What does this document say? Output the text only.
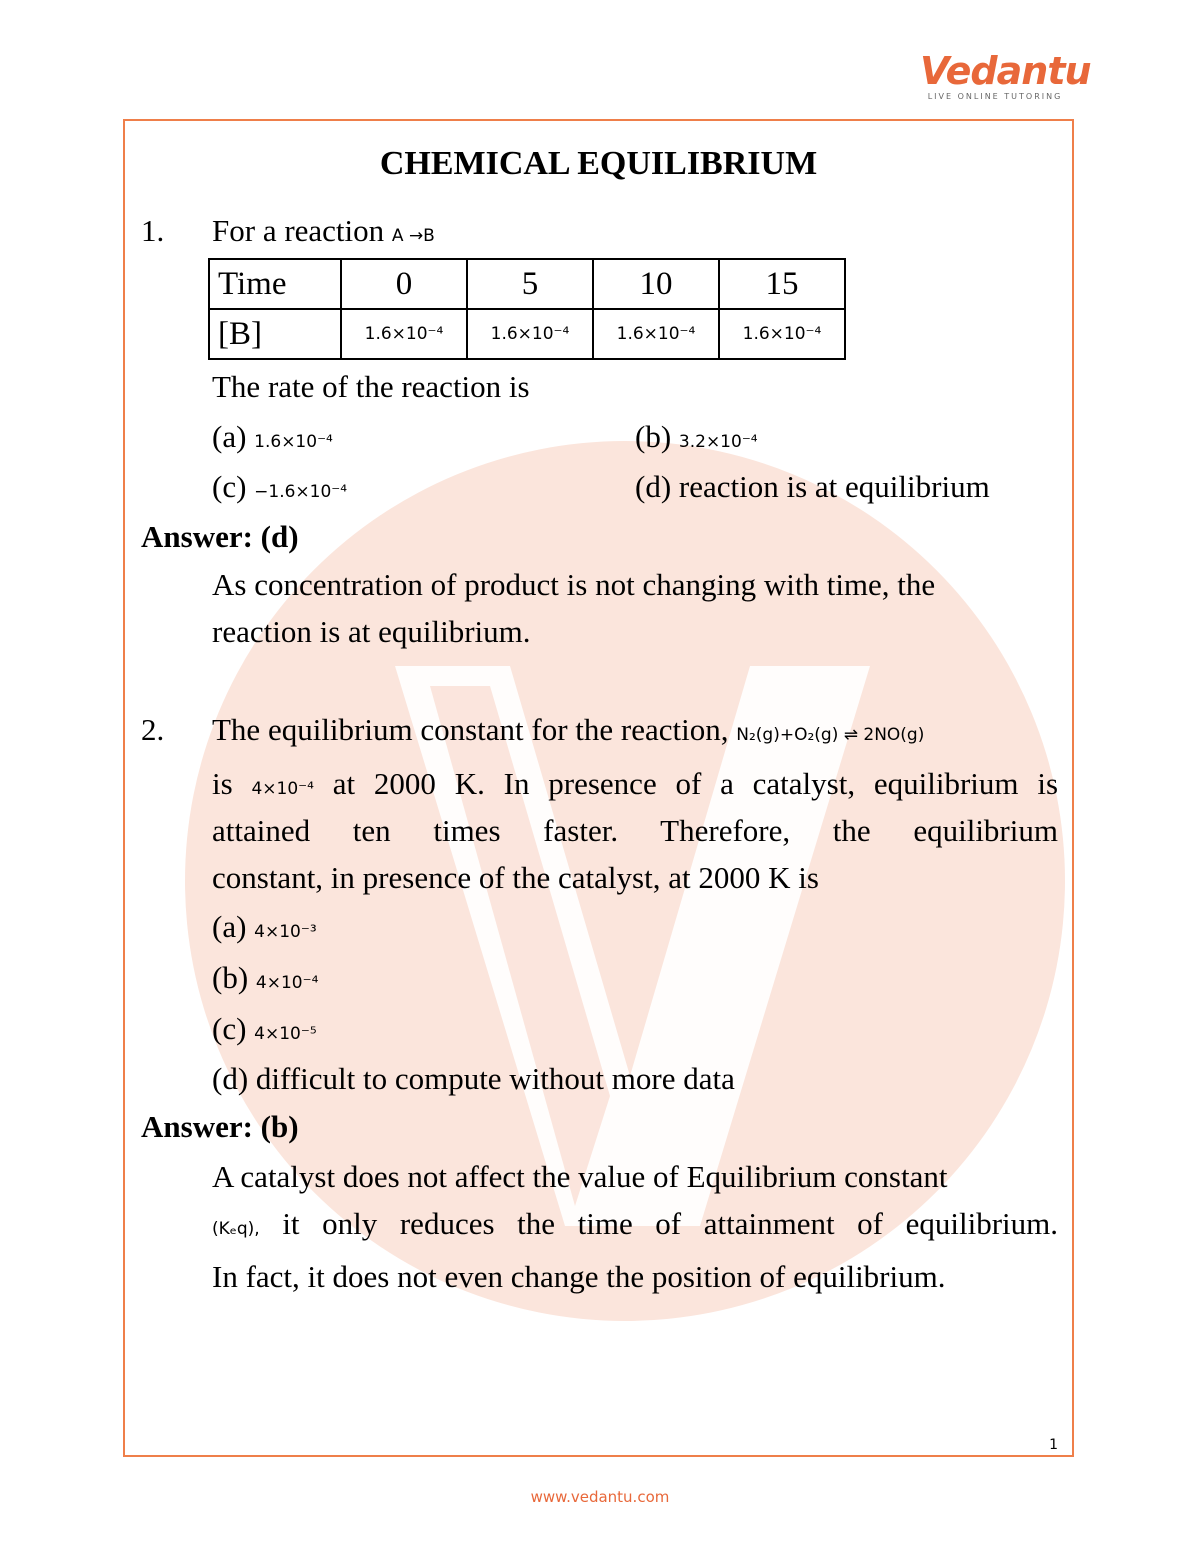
Vedantu
LIVE ONLINE TUTORING
CHEMICAL EQUILIBRIUM
1. For a reaction A →B
Time	0	5	10	15
[B]	1.6×10⁻⁴	1.6×10⁻⁴	1.6×10⁻⁴	1.6×10⁻⁴
The rate of the reaction is
(a) 1.6×10⁻⁴	(b) 3.2×10⁻⁴
(c) −1.6×10⁻⁴	(d) reaction is at equilibrium
Answer: (d)
As concentration of product is not changing with time, the
reaction is at equilibrium.
2. The equilibrium constant for the reaction, N₂(g)+O₂(g) ⇌ 2NO(g)
is 4×10⁻⁴ at 2000 K. In presence of a catalyst, equilibrium is
attained ten times faster. Therefore, the equilibrium
constant, in presence of the catalyst, at 2000 K is
(a) 4×10⁻³
(b) 4×10⁻⁴
(c) 4×10⁻⁵
(d) difficult to compute without more data
Answer: (b)
A catalyst does not affect the value of Equilibrium constant
(Kₑq), it only reduces the time of attainment of equilibrium.
In fact, it does not even change the position of equilibrium.
1
www.vedantu.com
